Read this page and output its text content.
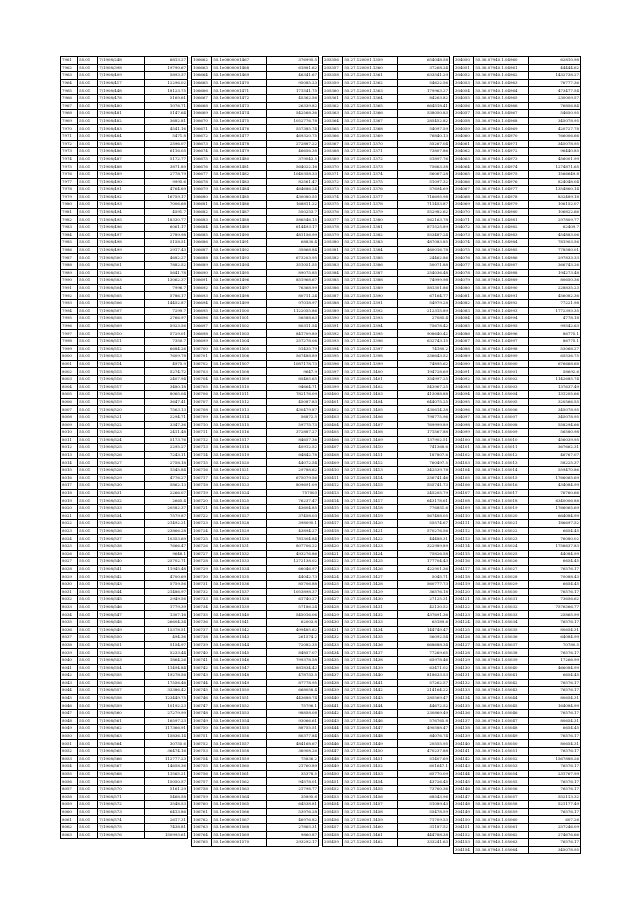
7961	55.01	7/1908/248	6813.27
7962	55.01	7/1908/398	19790.67
7963	55.01	7/1908/409	5893.37
7964	55.01	7/1908/417	12296.02
7965	55.01	7/1908/448	18123.75
7966	55.01	7/1908/478	5169.61
7967	55.01	7/1908/480	1076.71
7968	55.01	7/1908/481	5147.64
7969	55.01	7/1908/482	3682.81
7970	55.01	7/1908/483	4541.16
7971	55.01	7/1908/484	5471.8
7972	55.01	7/1908/485	2596.07
7973	55.01	7/1908/486	6116.05
7974	55.01	7/1908/487	5172.77
7975	55.01	7/1908/488	3871.89
7976	55.01	7/1908/489	2778.79
7977	55.01	7/1908/490	9995.6
7978	55.01	7/1908/491	4764.69
7979	55.01	7/1908/492	16759.17
7980	55.01	7/1908/493	7006.68
7981	55.01	7/1908/494	4591.7
7982	55.01	7/1908/495	18330.77
7983	55.01	7/1908/496	6061.17
7984	55.01	7/1908/497	2789.98
7985	55.01	7/1908/498	5158.51
7986	55.01	7/1908/499	2917.43
7987	55.01	7/1908/500	4682.27
7988	55.01	7/1908/501	7882.52
7989	55.01	7/1908/502	5641.78
7990	55.01	7/1908/503	13062.37
7991	55.01	7/1908/504	7996.7
7992	55.01	7/1908/505	5786.17
7993	55.01	7/1908/506	14452.87
7994	55.01	7/1908/507	7299.7
7995	55.01	7/1908/508	2766.97
7996	55.01	7/1908/509	5923.56
7997	55.01	7/1908/510	5729.01
7998	55.01	7/1908/511	7350.7
7999	55.01	7/1908/512	6684.26
8000	55.01	7/1908/513	7609.78
8001	55.01	7/1908/514	4975.9
8002	55.01	7/1908/515	5274.72
8003	55.01	7/1908/516	2407.94
8004	55.01	7/1908/517	3480.18
8005	55.01	7/1908/518	8065.04
8006	55.01	7/1908/519	3647.41
8007	55.01	7/1908/520	7563.13
8008	55.01	7/1908/521	2294.71
8009	55.01	7/1908/522	3347.36
8010	55.01	7/1908/523	2411.48
8011	55.01	7/1908/524	5173.76
8012	55.01	7/1908/525	2295.27
8013	55.01	7/1908/526	7243.11
8014	55.01	7/1908/527	2758.18
8015	55.01	7/1908/528	1545.84
8016	55.01	7/1908/529	4776.27
8017	55.01	7/1908/530	5862.13
8018	55.01	7/1908/531	2266.07
8019	55.01	7/1908/532	2665.4
8020	55.01	7/1908/533	20582.37
8021	55.01	7/1908/534	7579.87
8022	55.01	7/1908/535	21492.21
8023	55.01	7/1908/536	23866.28
8024	55.01	7/1908/537	10353.69
8025	55.01	7/1908/538	7666.47
8026	55.01	7/1908/539	9648.1
8027	55.01	7/1908/540	25702.71
8028	55.01	7/1908/541	11945.48
8029	55.01	7/1908/542	4700.69
8030	55.01	7/1908/543	5759.56
8031	55.01	7/1908/544	21486.97
8032	55.01	7/1908/545	2949.56
8033	55.01	7/1908/546	1779.39
8034	55.01	7/1908/547	1307.16
8035	55.01	7/1908/548	26604.34
8036	55.01	7/1908/549	15378.51
8037	55.01	7/1908/550	494.36
8038	55.01	7/1908/551	5154.97
8039	55.01	7/1908/552	5233.44
8040	55.01	7/1908/553	1864.26
8041	55.01	7/1908/554	11494.84
8042	55.01	7/1908/555	19278.56
8043	55.01	7/1908/556	17556.46
8044	55.01	7/1908/557	33386.42
8045	55.01	7/1908/558	123449.75
8046	55.01	7/1908/559	10192.23
8047	55.01	7/1908/560	27279.99
8048	55.01	7/1908/561	16597.23
8049	55.01	7/1908/562	117366.91
8050	55.01	7/1908/563	15836.14
8051	55.01	7/1908/564	30755.6
8052	55.01	7/1908/565	36474.16
8053	55.01	7/1908/566	112777.23
8054	55.01	7/1908/567	14658.36
8055	55.01	7/1908/568	11565.21
8056	55.01	7/1908/569	15050.57
8057	55.01	7/1908/570	5161.29
8058	55.01	7/1908/571	5468.58
8059	55.01	7/1908/572	3548.53
8060	55.01	7/1908/573	6413.86
8061	55.01	7/1908/574	2617.31
8062	55.01	7/1908/575	7438.81
8063	55.01	7/1908/576	150993.61
106662	55.1e0800001467	376995.5
106663	55.1e0800001468	61881.62
106664	55.1e0800001469	46341.67
106665	55.1e0800001470	95085.23
106666	55.1e0800001471	171541.75
106667	55.1e0800001472	45362.56
106668	55.1e0800001473	26339.82
106669	55.1e0800001474	542568.36
106670	55.1e0800001475	1052776.78
106671	55.1e0800001476	557385.74
106672	55.1e0800001477	469320.75
106673	55.1e0800001478	272887.22
106674	55.1e0800001479	46656.38
106675	55.1e0800001480	379043.5
106676	55.1e0800001481	564022.16
106677	55.1e0800001482	1040358.33
106678	55.1e0800001483	82561.47
106679	55.1e0800001484	464686.24
106680	55.1e0800001485	430080.55
106681	55.1e0800001486	168811.22
106682	55.1e0800001487	550253.7
106683	55.1e0800001488	586546.15
106684	55.1e0800001489	614493.17
106685	55.1e0800001490	481156.99
106686	55.1e0800001491	68830.4
106687	55.1e0800001492	35868.84
106688	55.1e0800001493	673203.95
106689	55.1e0800001494	351051.55
106690	55.1e0800001495	89075.85
106691	55.1e0800001496	851968.67
106692	55.1e0800001497	76368.99
106693	55.1e0800001498	80711.24
106694	55.1e0800001499	97018.97
106695	55.1e0800001500	1122055.86
106696	55.1e0800001501	56588.63
106697	55.1e0800001502	80311.54
106698	55.1e0800001503	841709.89
106699	55.1e0800001504	257278.06
106700	55.1e0800001505	51435.79
106701	55.1e0800001506	567488.89
106702	55.1e0800001507	1087178.73
106703	55.1e0800001508	9647.9
106704	55.1e0800001509	85465.65
106705	55.1e0800001510	94664.71
106706	55.1e0800001511	782176.09
106707	55.1e0800001512	45087.83
106708	55.1e0800001513	430479.87
106709	55.1e0800001514	56872.5
106710	55.1e0800001515	59775.73
106711	55.1e0800001516	372887.27
106712	55.1e0800001517	84657.36
106713	55.1e0800001518	40912.52
106714	55.1e0800001519	84842.78
106715	55.1e0800001520	44072.54
106716	55.1e0800001521	29788.62
106717	55.1e0800001522	675079.56
106718	55.1e0800001523	809691.09
106719	55.1e0800001524	757003
106720	55.1e0800001525	76237.47
106721	55.1e0800001526	43604.85
106722	55.1e0800001527	37458.03
106723	55.1e0800001528	398095.1
106724	55.1e0800001529	43894.27
106725	55.1e0800001530	781304.84
106726	55.1e0800001531	807706.22
106727	55.1e0800001532	493276.86
106728	55.1e0800001533	1272138.02
106729	55.1e0800001534	66046.97
106730	55.1e0800001535	44042.73
106731	55.1e0800001536	85706.88
106732	55.1e0800001537	1053898.37
106733	55.1e0800001538	61740.27
106734	55.1e0800001539	57186.24
106735	55.1e0800001540	545016.06
106736	55.1e0800001541	62003.8
106737	55.1e0800001542	499485.62
106738	55.1e0800001543	261574.2
106739	55.1e0800001544	72082.35
106740	55.1e0800001545	84857.07
106741	55.1e0800001546	799378.58
106742	55.1e0800001547	881834.42
106743	55.1e0800001548	478753.5
106744	55.1e0800001549	87778.95
106745	55.1e0800001550	668058.4
106746	55.1e0800001551	443688.74
106747	55.1e0800001552	75796.1
106748	55.1e0800001553	98858.08
106749	55.1e0800001554	93066.61
106750	55.1e0800001555	88755.51
106751	55.1e0800001556	80377.84
106752	55.1e0800001557	484168.67
106753	55.1e0800001558	36908.26
106754	55.1e0800001559	75836.2
106755	55.1e0800001560	21760.89
106756	55.1e0800001561	35378.5
106757	55.1e0800001562	94578.01
106758	55.1e0800001563	21798.77
106759	55.1e0800001564	35895.6
106760	55.1e0800001565	64538.81
106761	55.1e0800001566	53976.28
106762	55.1e0800001567	46976.82
106763	55.1e0800001568	27865.31
106764	55.1e0800001569	9860.87
106765	55.1e0800001570	293292.17
205356	55.27.120001.1359	654048.58
205357	55.27.120001.1360	37268.24
205358	55.27.120001.1361	633541.29
205359	55.27.120001.1362	54622.56
205360	55.27.120001.1363	179963.27
205361	55.27.120001.1364	84263.82
205362	55.27.120001.1365	664518.41
205363	55.27.120001.1366	538050.83
205364	55.27.120001.1367	285452.82
205365	55.27.120001.1368	54097.59
205366	55.27.120001.1369	76840.13
205367	55.27.120001.1370	55267.04
205368	55.27.120001.1371	73807.86
205369	55.27.120001.1372	51897.76
205370	55.27.120001.1373	75663.38
205371	55.27.120001.1374	56067.28
205372	55.27.120001.1375	51097.32
205373	55.27.120001.1376	57694.69
205374	55.27.120001.1377	716695.98
205375	55.27.120001.1378	711453.87
205376	55.27.120001.1379	552982.62
205377	55.27.120001.1380	562163.78
205378	55.27.120001.1381	871525.89
205379	55.27.120001.1382	553487.24
205380	55.27.120001.1383	487083.85
205381	55.27.120001.1384	460016.78
205382	55.27.120001.1385	24462.86
205383	55.27.120001.1386	50071.88
205384	55.27.120001.1387	254036.48
205385	55.27.120001.1388	74999.98
205386	55.27.120001.1389	581301.86
205387	55.27.120001.1390	67164.77
205388	55.27.120001.1391	54979.28
205389	55.27.120001.1392	212315.89
205390	55.27.120001.1393	27085.4
205391	55.27.120001.1394	75678.42
205392	55.27.120001.1395	908640.42
205393	55.27.120001.1396	632743.15
205394	55.27.120001.1397	74180.2
205395	55.27.120001.1398	256643.52
205396	55.27.120001.1399	74895.62
205397	55.27.120001.1400	194728.69
205398	55.27.120001.1401	354997.25
205399	55.27.120001.1402	543967.25
205400	55.27.120001.1403	413088.88
205401	55.27.120001.1404	644075.25
205402	55.27.120001.1405	430614.38
205403	55.27.120001.1406	798775.96
205404	55.27.120001.1407	769999.89
205405	55.27.120001.1408	171567.88
205406	55.27.120001.1409	137902.51
205407	55.27.120001.1410	741368.6
205408	55.27.120001.1411	187807.6
205409	55.27.120001.1412	760497.5
205410	55.27.120001.1413	342539.78
205411	55.27.120001.1414	256741.46
205412	55.27.120001.1415	555741.73
205413	55.27.120001.1416	245205.79
205414	55.27.120001.1417	643178.61
205415	55.27.120001.1418	776851.6
205416	55.27.120001.1419	567488.05
205417	55.27.120001.1420	55574.67
205418	55.27.120001.1421	570276.56
205419	55.27.120001.1422	44488.31
205420	55.27.120001.1423	322989.89
205421	55.27.120001.1424	75826.58
205422	55.27.120001.1425	177704.43
205423	55.27.120001.1426	422901.36
205424	55.27.120001.1427	5045.71
205425	55.27.120001.1428	560777.73
205426	55.27.120001.1429	36576.18
205427	55.27.120001.1430	27125.31
205428	55.27.120001.1431	42130.52
205429	55.27.120001.1432	437691.36
205430	55.27.120001.1433	65189.6
205431	55.27.120001.1434	144749.47
205432	55.27.120001.1435	56092.54
205433	55.27.120001.1436	668688.34
205434	55.27.120001.1437	77269.65
205435	55.27.120001.1438	65978.46
205436	55.27.120001.1439	63471.02
205437	55.27.120001.1440	818633.53
205438	55.27.120001.1441	57262.57
205439	55.27.120001.1442	214164.22
205440	55.27.120001.1443	285569.47
205441	55.27.120001.1444	44672.52
205442	55.27.120001.1445	230869.49
205443	55.27.120001.1446	576765.8
205444	55.27.120001.1447	490588.47
205445	55.27.120001.1448	84076.74
205446	55.27.120001.1449	20555.95
205447	55.27.120001.1450	470237.88
205448	55.27.120001.1451	51407.69
205449	55.27.120001.1452	601647.1
205450	55.27.120001.1453	65770.09
205451	55.27.120001.1454	43726.45
205452	55.27.120001.1455	73760.36
205453	55.27.120001.1456	68543.96
205454	55.27.120001.1457	51089.43
205455	55.27.120001.1458	55478.59
205456	55.27.120001.1459	71709.53
205457	55.27.120001.1460	31187.52
205458	55.27.120001.1461	444788.38
205459	55.27.120001.1462	333241.63
304050	55.36.07940.1.04960	62810.98
304051	55.36.07940.1.04961	44444.62
304052	55.36.07940.1.04962	1432738.27
304053	55.36.07940.1.04963	76777.36
304054	55.36.07940.1.04964	473477.54
304055	55.36.07940.1.04965	230009.57
304056	55.36.07940.1.04966	76856.84
304057	55.36.07940.1.04967	54650.95
304058	55.36.07940.1.04968	345078.95
304059	55.36.07940.1.04969	420727.78
304060	55.36.07940.1.04970	766006.66
304061	55.36.07940.1.04971	345078.95
304062	55.36.07940.1.04972	96440.85
304063	55.36.07940.1.04973	456001.99
304064	55.36.07940.1.04974	1274871.65
304065	55.36.07940.1.04975	1566649.8
304066	55.36.07940.1.04976	824048.04
304067	55.36.07940.1.04977	1354860.14
304068	55.36.07940.1.04978	832489.18
304069	55.36.07940.1.04979	106152.07
304070	55.36.07940.1.04980	106822.66
304071	55.36.07940.1.04981	297809.77
304072	55.36.07940.1.04982	62409.7
304073	55.36.07940.1.04983	454883.06
304074	55.36.07940.1.04984	781903.56
304075	55.36.07940.1.04985	778580.01
304076	55.36.07940.1.04986	297833.33
304077	55.36.07940.1.04987	366743.26
304078	55.36.07940.1.04988	194273.48
304079	55.36.07940.1.04989	80650.36
304080	55.36.07940.1.04990	228835.23
304081	55.36.07940.1.04991	456082.36
304082	55.36.07940.1.04992	77221.98
304083	55.36.07940.1.04993	1772393.35
304084	55.36.07940.1.04994	4778.18
304085	55.36.07940.1.04995	99542.63
304086	55.36.07940.1.04996	86775.1
304087	55.36.07940.1.04997	86775.1
304088	55.36.07940.1.04998	53068.27
304089	55.36.07940.1.04999	65536.75
304090	55.36.07940.1.05000	676668.68
304091	55.36.07940.1.05001	58692.6
304092	55.36.07940.1.05002	1142685.74
304093	55.36.07940.1.05003	137637.49
304094	55.36.07940.1.05004	131205.66
304095	55.36.07940.1.05005	320566.55
304096	55.36.07940.1.05006	345078.95
304097	55.36.07940.1.05007	345078.95
304098	55.36.07940.1.05008	558294.66
304099	55.36.07940.1.05009	56580.98
304100	55.36.07940.1.05010	456039.95
304101	55.36.07940.1.05011	367662.31
304102	55.36.07940.1.05012	46767.07
304103	55.36.07940.1.05013	58225.37
304104	55.36.07940.1.05014	559470.86
304105	55.36.07940.1.05015	1766065.69
304106	55.36.07940.1.05016	434084.99
304107	55.36.07940.1.05017	76760.66
304108	55.36.07940.1.05018	6340006.88
304109	55.36.07940.1.05019	1766065.69
304110	55.36.07940.1.05020	664084.99
304111	55.36.07940.1.05021	186697.52
304112	55.36.07940.1.05022	6654.45
304113	55.36.07940.1.05023	76080.02
304114	55.36.07940.1.05024	1756637.83
304115	55.36.07940.1.05025	44084.99
304116	55.36.07940.1.05026	6654.45
304117	55.36.07940.1.05027	76576.17
304118	55.36.07940.1.05028	70088.43
304119	55.36.07940.1.05029	6654.45
304120	55.36.07940.1.05030	76576.17
304121	55.36.07940.1.05031	73656.62
304122	55.36.07940.1.05032	7576566.77
304123	55.36.07940.1.05033	25865.99
304124	55.36.07940.1.05034	76576.17
304125	55.36.07940.1.05035	80654.31
304126	55.36.07940.1.05036	64084.99
304127	55.36.07940.1.05037	70780.5
304128	55.36.07940.1.05038	76576.17
304129	55.36.07940.1.05039	17266.99
304130	55.36.07940.1.05040	466084.99
304131	55.36.07940.1.05041	6654.45
304132	55.36.07940.1.05042	76576.17
304133	55.36.07940.1.05043	76576.17
304134	55.36.07940.1.05044	80654.31
304135	55.36.07940.1.05045	164084.99
304136	55.36.07940.1.05046	76576.17
304137	55.36.07940.1.05047	80654.31
304138	55.36.07940.1.05048	6654.45
304139	55.36.07940.1.05049	76576.17
304140	55.36.07940.1.05050	80654.31
304141	55.36.07940.1.05051	76576.17
304142	55.36.07940.1.05052	1567888.26
304143	55.36.07940.1.05053	76576.17
304144	55.36.07940.1.05054	231767.99
304145	55.36.07940.1.05055	76576.17
304146	55.36.07940.1.05056	76576.17
304147	55.36.07940.1.05057	552113.32
304148	55.36.07940.1.05058	521177.49
304149	55.36.07940.1.05059	76576.17
304150	55.36.07940.1.05060	607.26
304151	55.36.07940.1.05061	257246.09
304152	55.36.07940.1.05062	274676.66
304153	55.36.07940.1.05063	76576.17
304154	55.36.07940.1.05064	345078.95
